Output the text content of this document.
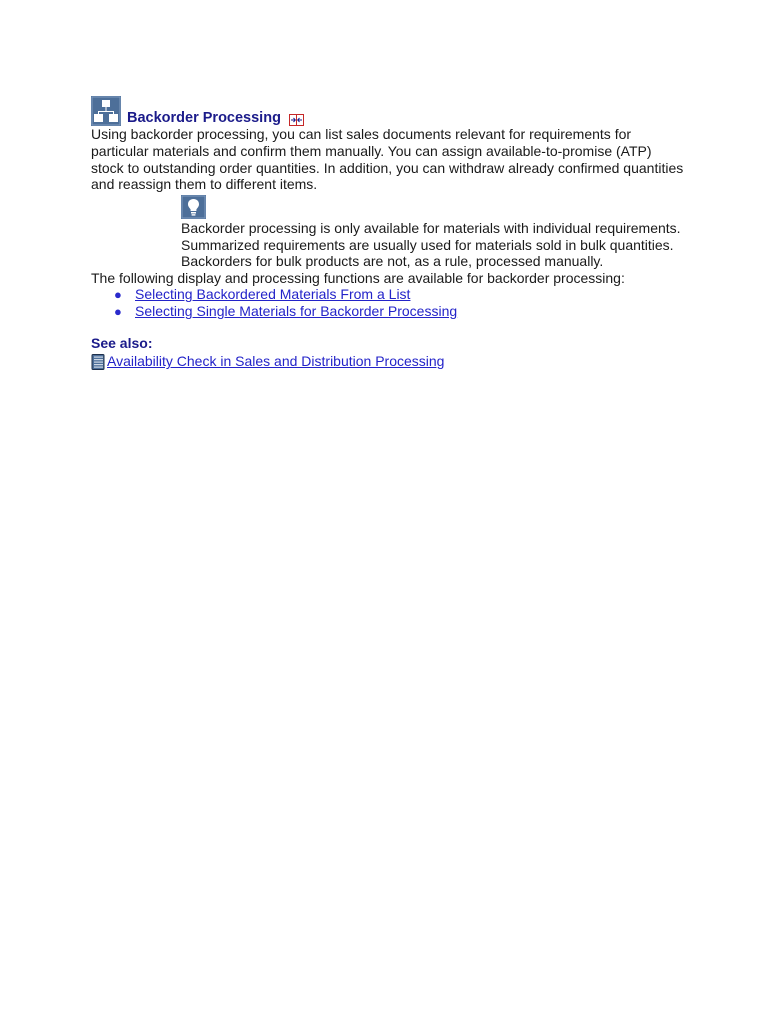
Backorder Processing
Using backorder processing, you can list sales documents relevant for requirements for
particular materials and confirm them manually. You can assign available-to-promise (ATP)
stock to outstanding order quantities. In addition, you can withdraw already confirmed quantities
and reassign them to different items.
Backorder processing is only available for materials with individual requirements.
Summarized requirements are usually used for materials sold in bulk quantities.
Backorders for bulk products are not, as a rule, processed manually.
The following display and processing functions are available for backorder processing:
● Selecting Backordered Materials From a List
● Selecting Single Materials for Backorder Processing
See also:
Availability Check in Sales and Distribution Processing
